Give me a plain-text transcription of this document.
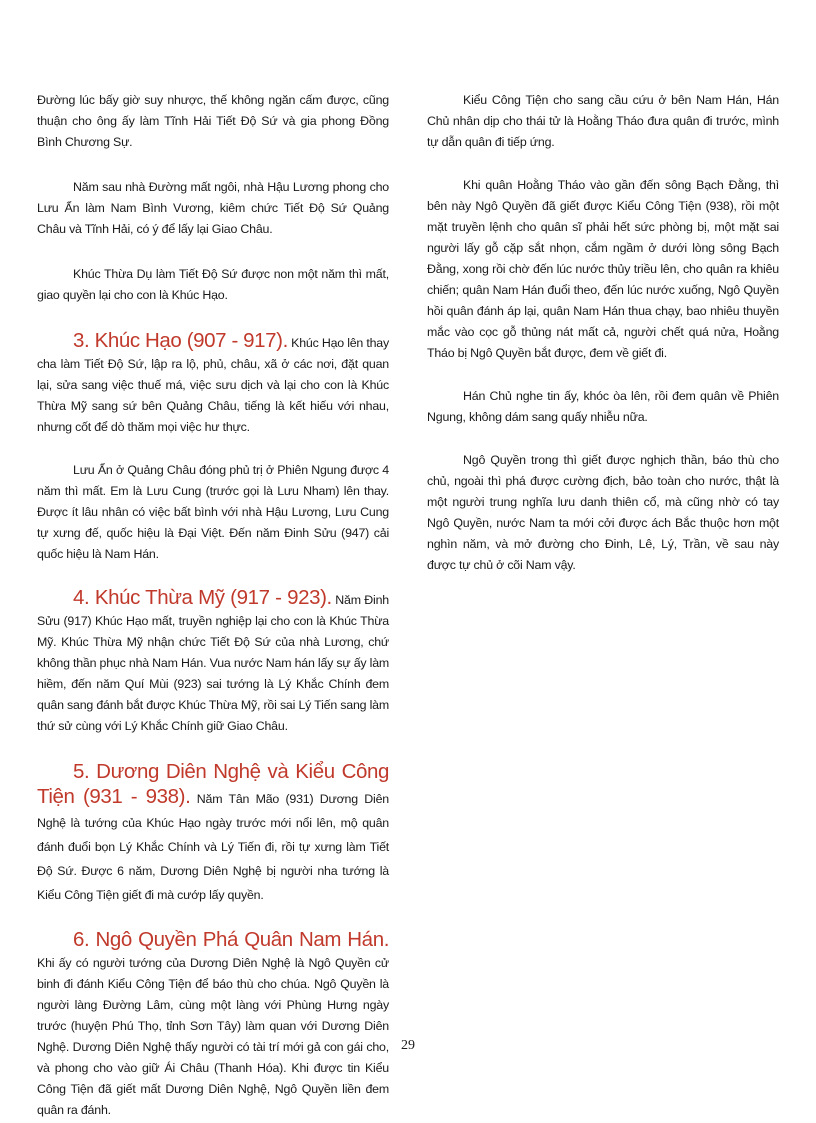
Đường lúc bấy giờ suy nhược, thế không ngăn cấm được, cũng thuận cho ông ấy làm Tĩnh Hải Tiết Độ Sứ và gia phong Đồng Bình Chương Sự.

Năm sau nhà Đường mất ngôi, nhà Hậu Lương phong cho Lưu Ẩn làm Nam Bình Vương, kiêm chức Tiết Độ Sứ Quảng Châu và Tĩnh Hải, có ý để lấy lại Giao Châu.

Khúc Thừa Dụ làm Tiết Độ Sứ được non một năm thì mất, giao quyền lại cho con là Khúc Hạo.

3. Khúc Hạo (907 - 917). Khúc Hạo lên thay cha làm Tiết Độ Sứ, lập ra lộ, phủ, châu, xã ở các nơi, đặt quan lại, sửa sang việc thuế má, việc sưu dịch và lại cho con là Khúc Thừa Mỹ sang sứ bên Quảng Châu, tiếng là kết hiếu với nhau, nhưng cốt để dò thăm mọi việc hư thực.

Lưu Ẩn ở Quảng Châu đóng phủ trị ở Phiên Ngung được 4 năm thì mất. Em là Lưu Cung (trước gọi là Lưu Nham) lên thay. Được ít lâu nhân có việc bất bình với nhà Hậu Lương, Lưu Cung tự xưng đế, quốc hiệu là Đại Việt. Đến năm Đinh Sửu (947) cải quốc hiệu là Nam Hán.

4. Khúc Thừa Mỹ (917 - 923). Năm Đinh Sửu (917) Khúc Hạo mất, truyền nghiệp lại cho con là Khúc Thừa Mỹ. Khúc Thừa Mỹ nhận chức Tiết Độ Sứ của nhà Lương, chứ không thần phục nhà Nam Hán. Vua nước Nam hán lấy sự ấy làm hiềm, đến năm Quí Mùi (923) sai tướng là Lý Khắc Chính đem quân sang đánh bắt được Khúc Thừa Mỹ, rồi sai Lý Tiến sang làm thứ sử cùng với Lý Khắc Chính giữ Giao Châu.

5. Dương Diên Nghệ và Kiểu Công Tiện (931 - 938). Năm Tân Mão (931) Dương Diên Nghệ là tướng của Khúc Hạo ngày trước mới nổi lên, mộ quân đánh đuổi bọn Lý Khắc Chính và Lý Tiến đi, rồi tự xưng làm Tiết Độ Sứ. Được 6 năm, Dương Diên Nghệ bị người nha tướng là Kiểu Công Tiện giết đi mà cướp lấy quyền.

6. Ngô Quyền Phá Quân Nam Hán. Khi ấy có người tướng của Dương Diên Nghệ là Ngô Quyền cử binh đi đánh Kiểu Công Tiện để báo thù cho chúa. Ngô Quyền là người làng Đường Lâm, cùng một làng với Phùng Hưng ngày trước (huyện Phú Thọ, tỉnh Sơn Tây) làm quan với Dương Diên Nghệ. Dương Diên Nghệ thấy người có tài trí mới gả con gái cho, và phong cho vào giữ Ái Châu (Thanh Hóa). Khi được tin Kiểu Công Tiện đã giết mất Dương Diên Nghệ, Ngô Quyền liền đem quân ra đánh.

Kiểu Công Tiện cho sang cầu cứu ở bên Nam Hán, Hán Chủ nhân dịp cho thái tử là Hoằng Tháo đưa quân đi trước, mình tự dẫn quân đi tiếp ứng.

Khi quân Hoằng Tháo vào gần đến sông Bạch Đằng, thì bên này Ngô Quyền đã giết được Kiểu Công Tiện (938), rồi một mặt truyền lệnh cho quân sĩ phải hết sức phòng bị, một mặt sai người lấy gỗ cặp sắt nhọn, cắm ngầm ở dưới lòng sông Bạch Đằng, xong rồi chờ đến lúc nước thủy triều lên, cho quân ra khiêu chiến; quân Nam Hán đuổi theo, đến lúc nước xuống, Ngô Quyền hồi quân đánh áp lại, quân Nam Hán thua chạy, bao nhiêu thuyền mắc vào cọc gỗ thủng nát mất cả, người chết quá nửa, Hoằng Tháo bị Ngô Quyền bắt được, đem về giết đi.

Hán Chủ nghe tin ấy, khóc òa lên, rồi đem quân về Phiên Ngung, không dám sang quấy nhiễu nữa.

Ngô Quyền trong thì giết được nghịch thần, báo thù cho chủ, ngoài thì phá được cường địch, bảo toàn cho nước, thật là một người trung nghĩa lưu danh thiên cổ, mà cũng nhờ có tay Ngô Quyền, nước Nam ta mới cởi được ách Bắc thuộc hơn một nghìn năm, và mở đường cho Đinh, Lê, Lý, Trần, về sau này được tự chủ ở cõi Nam vậy.

29
